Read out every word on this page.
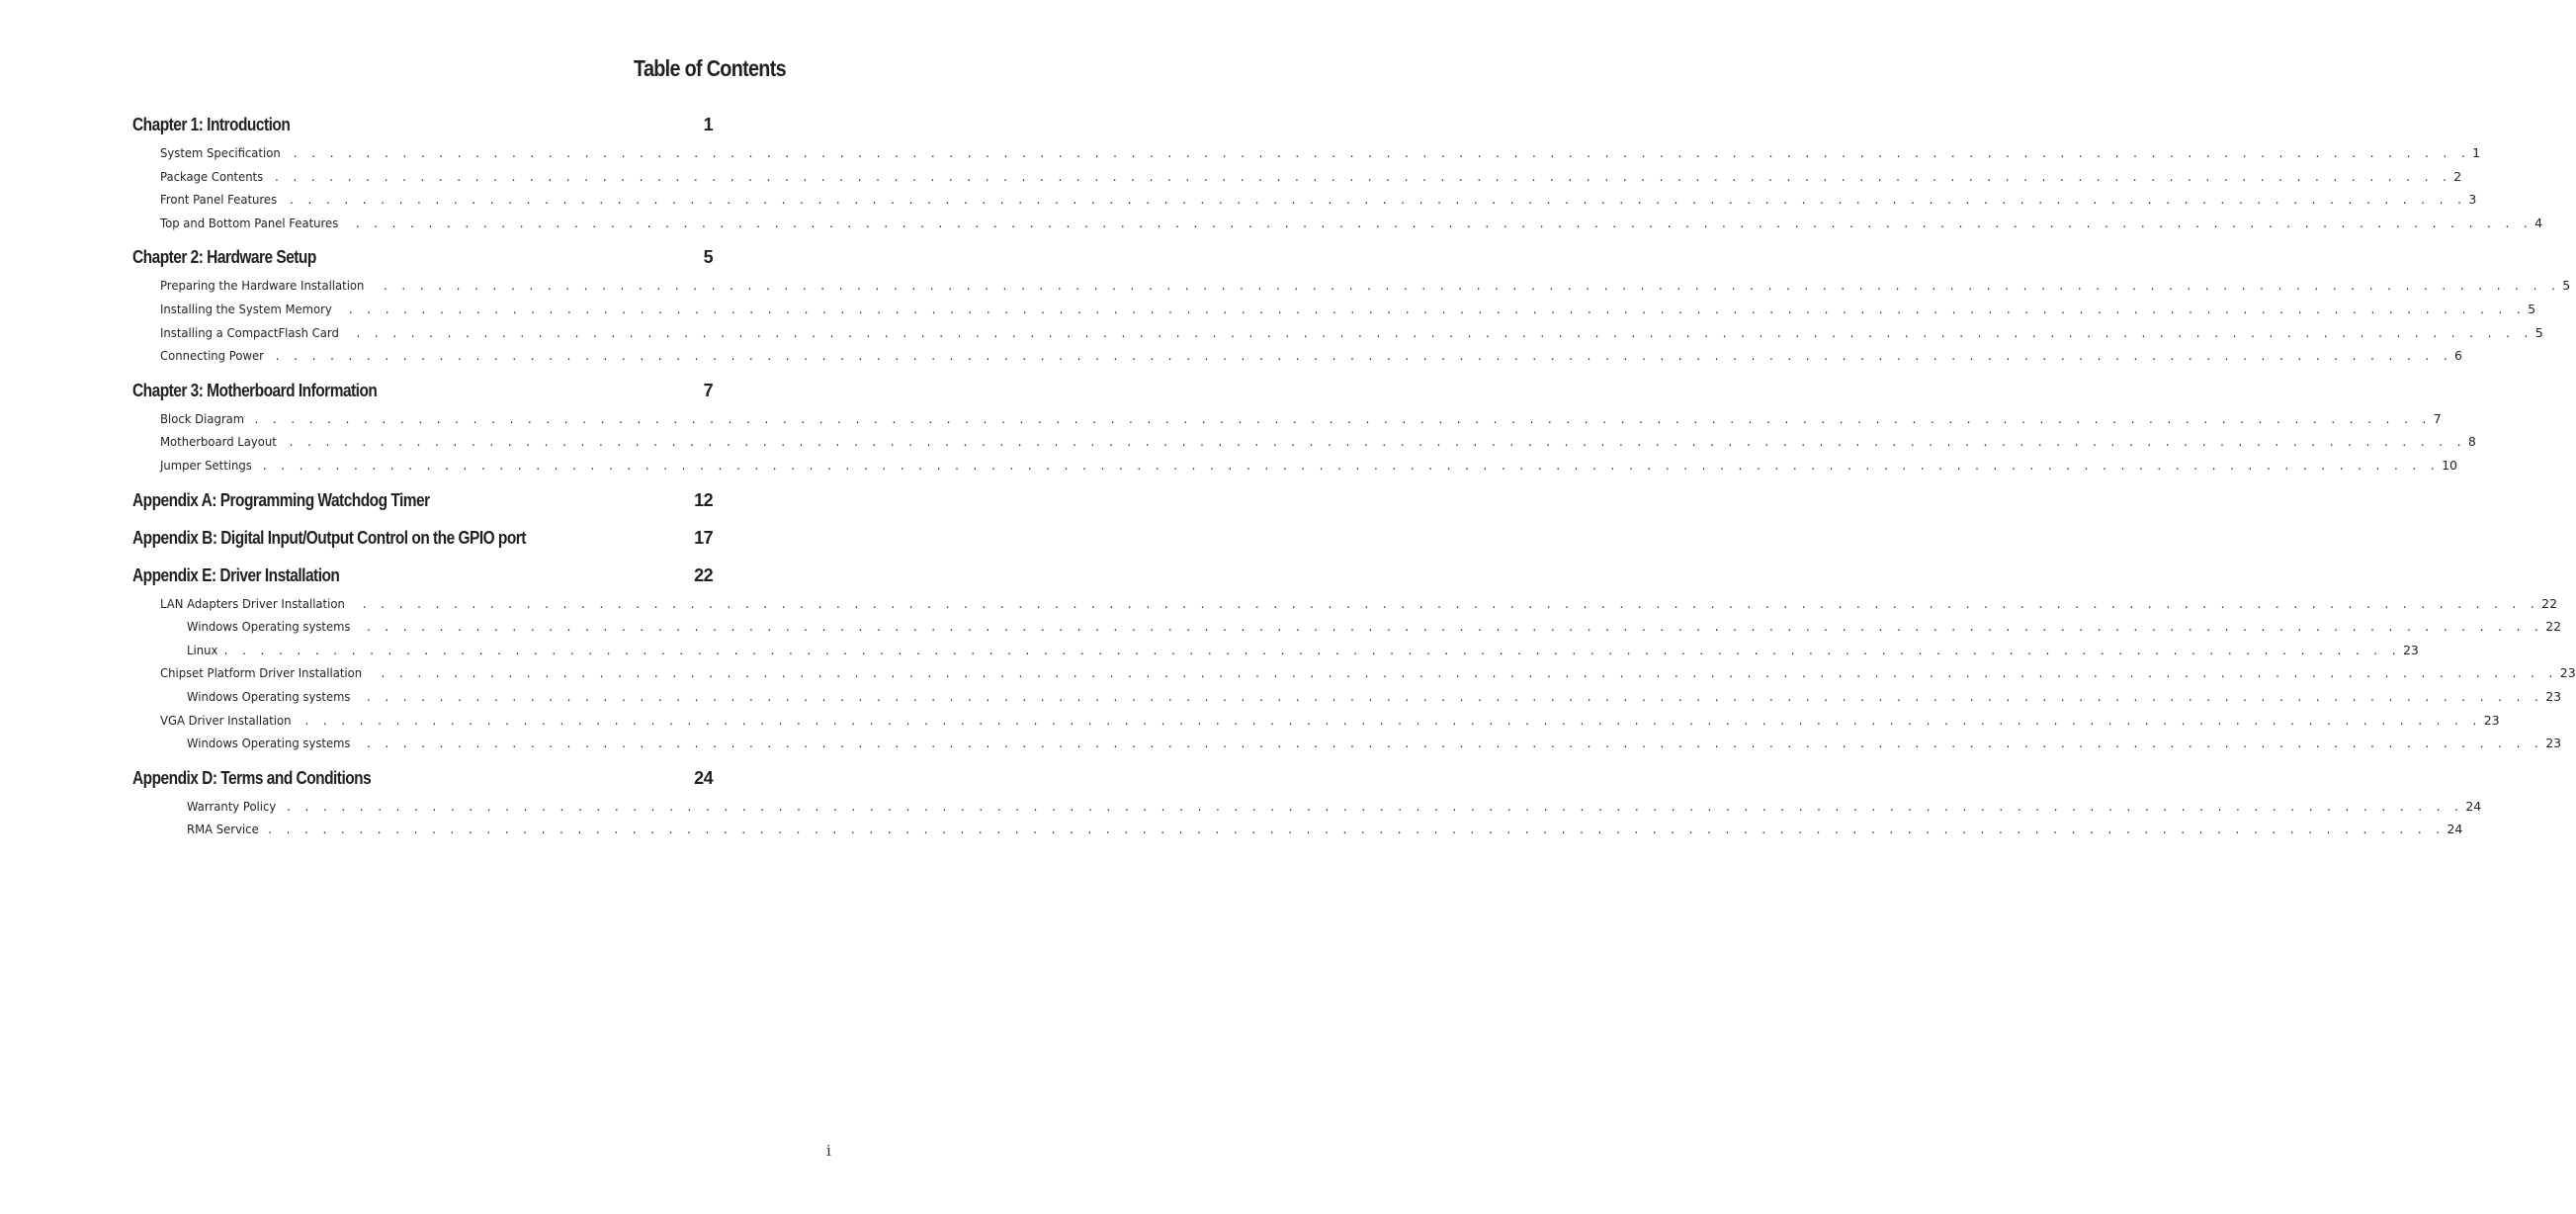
Table of Contents
Chapter 1: Introduction	1
System Specification . . . . . . . . . . . . . . . . . . . . . . . . . . . . . . . . . . . . . . . . . . . . . . . . . . . . . . . . . . . . . . . . . . . . . . . . . . . . . . . . . . . . . . . . . . . . . . . . . . . . . . . . . . . . . . . . . . . . . . . . 1
Package Contents . . . . . . . . . . . . . . . . . . . . . . . . . . . . . . . . . . . . . . . . . . . . . . . . . . . . . . . . . . . . . . . . . . . . . . . . . . . . . . . . . . . . . . . . . . . . . . . . . . . . . . . . . . . . . . . . . . . . . . . . 2
Front Panel Features . . . . . . . . . . . . . . . . . . . . . . . . . . . . . . . . . . . . . . . . . . . . . . . . . . . . . . . . . . . . . . . . . . . . . . . . . . . . . . . . . . . . . . . . . . . . . . . . . . . . . . . . . . . . . . . . . . . . . . . . 3
Top and Bottom Panel Features . . . . . . . . . . . . . . . . . . . . . . . . . . . . . . . . . . . . . . . . . . . . . . . . . . . . . . . . . . . . . . . . . . . . . . . . . . . . . . . . . . . . . . . . . . . . . . . . . . . . . . . . . . . . . . . . . . . . . . . . 4
Chapter 2: Hardware Setup	5
Preparing the Hardware Installation . . . . . . . . . . . . . . . . . . . . . . . . . . . . . . . . . . . . . . . . . . . . . . . . . . . . . . . . . . . . . . . . . . . . . . . . . . . . . . . . . . . . . . . . . . . . . . . . . . . . . . . . . . . . . . . . . . . . . . . . 5
Installing the System Memory . . . . . . . . . . . . . . . . . . . . . . . . . . . . . . . . . . . . . . . . . . . . . . . . . . . . . . . . . . . . . . . . . . . . . . . . . . . . . . . . . . . . . . . . . . . . . . . . . . . . . . . . . . . . . . . . . . . . . . . . 5
Installing a CompactFlash Card . . . . . . . . . . . . . . . . . . . . . . . . . . . . . . . . . . . . . . . . . . . . . . . . . . . . . . . . . . . . . . . . . . . . . . . . . . . . . . . . . . . . . . . . . . . . . . . . . . . . . . . . . . . . . . . . . . . . . . . . 5
Connecting Power . . . . . . . . . . . . . . . . . . . . . . . . . . . . . . . . . . . . . . . . . . . . . . . . . . . . . . . . . . . . . . . . . . . . . . . . . . . . . . . . . . . . . . . . . . . . . . . . . . . . . . . . . . . . . . . . . . . . . . . . 6
Chapter 3: Motherboard Information	7
Block Diagram . . . . . . . . . . . . . . . . . . . . . . . . . . . . . . . . . . . . . . . . . . . . . . . . . . . . . . . . . . . . . . . . . . . . . . . . . . . . . . . . . . . . . . . . . . . . . . . . . . . . . . . . . . . . . . . . . . . . . . . . 7
Motherboard Layout . . . . . . . . . . . . . . . . . . . . . . . . . . . . . . . . . . . . . . . . . . . . . . . . . . . . . . . . . . . . . . . . . . . . . . . . . . . . . . . . . . . . . . . . . . . . . . . . . . . . . . . . . . . . . . . . . . . . . . . . 8
Jumper Settings . . . . . . . . . . . . . . . . . . . . . . . . . . . . . . . . . . . . . . . . . . . . . . . . . . . . . . . . . . . . . . . . . . . . . . . . . . . . . . . . . . . . . . . . . . . . . . . . . . . . . . . . . . . . . . . . . . . . . . . . 10
Appendix A: Programming Watchdog Timer	12
Appendix B: Digital Input/Output Control on the GPIO port	17
Appendix E: Driver Installation	22
LAN Adapters Driver Installation . . . . . . . . . . . . . . . . . . . . . . . . . . . . . . . . . . . . . . . . . . . . . . . . . . . . . . . . . . . . . . . . . . . . . . . . . . . . . . . . . . . . . . . . . . . . . . . . . . . . . . . . . . . . . . . . . . . . . . . . 22
Windows Operating systems . . . . . . . . . . . . . . . . . . . . . . . . . . . . . . . . . . . . . . . . . . . . . . . . . . . . . . . . . . . . . . . . . . . . . . . . . . . . . . . . . . . . . . . . . . . . . . . . . . . . . . . . . . . . . . . . . . . . . . . . 22
Linux . . . . . . . . . . . . . . . . . . . . . . . . . . . . . . . . . . . . . . . . . . . . . . . . . . . . . . . . . . . . . . . . . . . . . . . . . . . . . . . . . . . . . . . . . . . . . . . . . . . . . . . . . . . . . . . . . . . . . . . . 23
Chipset Platform Driver Installation . . . . . . . . . . . . . . . . . . . . . . . . . . . . . . . . . . . . . . . . . . . . . . . . . . . . . . . . . . . . . . . . . . . . . . . . . . . . . . . . . . . . . . . . . . . . . . . . . . . . . . . . . . . . . . . . . . . . . . . . 23
Windows Operating systems . . . . . . . . . . . . . . . . . . . . . . . . . . . . . . . . . . . . . . . . . . . . . . . . . . . . . . . . . . . . . . . . . . . . . . . . . . . . . . . . . . . . . . . . . . . . . . . . . . . . . . . . . . . . . . . . . . . . . . . . 23
VGA Driver Installation . . . . . . . . . . . . . . . . . . . . . . . . . . . . . . . . . . . . . . . . . . . . . . . . . . . . . . . . . . . . . . . . . . . . . . . . . . . . . . . . . . . . . . . . . . . . . . . . . . . . . . . . . . . . . . . . . . . . . . . . 23
Windows Operating systems . . . . . . . . . . . . . . . . . . . . . . . . . . . . . . . . . . . . . . . . . . . . . . . . . . . . . . . . . . . . . . . . . . . . . . . . . . . . . . . . . . . . . . . . . . . . . . . . . . . . . . . . . . . . . . . . . . . . . . . . 23
Appendix D: Terms and Conditions	24
Warranty Policy . . . . . . . . . . . . . . . . . . . . . . . . . . . . . . . . . . . . . . . . . . . . . . . . . . . . . . . . . . . . . . . . . . . . . . . . . . . . . . . . . . . . . . . . . . . . . . . . . . . . . . . . . . . . . . . . . . . . . . . . 24
RMA Service . . . . . . . . . . . . . . . . . . . . . . . . . . . . . . . . . . . . . . . . . . . . . . . . . . . . . . . . . . . . . . . . . . . . . . . . . . . . . . . . . . . . . . . . . . . . . . . . . . . . . . . . . . . . . . . . . . . . . . . . 24
i
